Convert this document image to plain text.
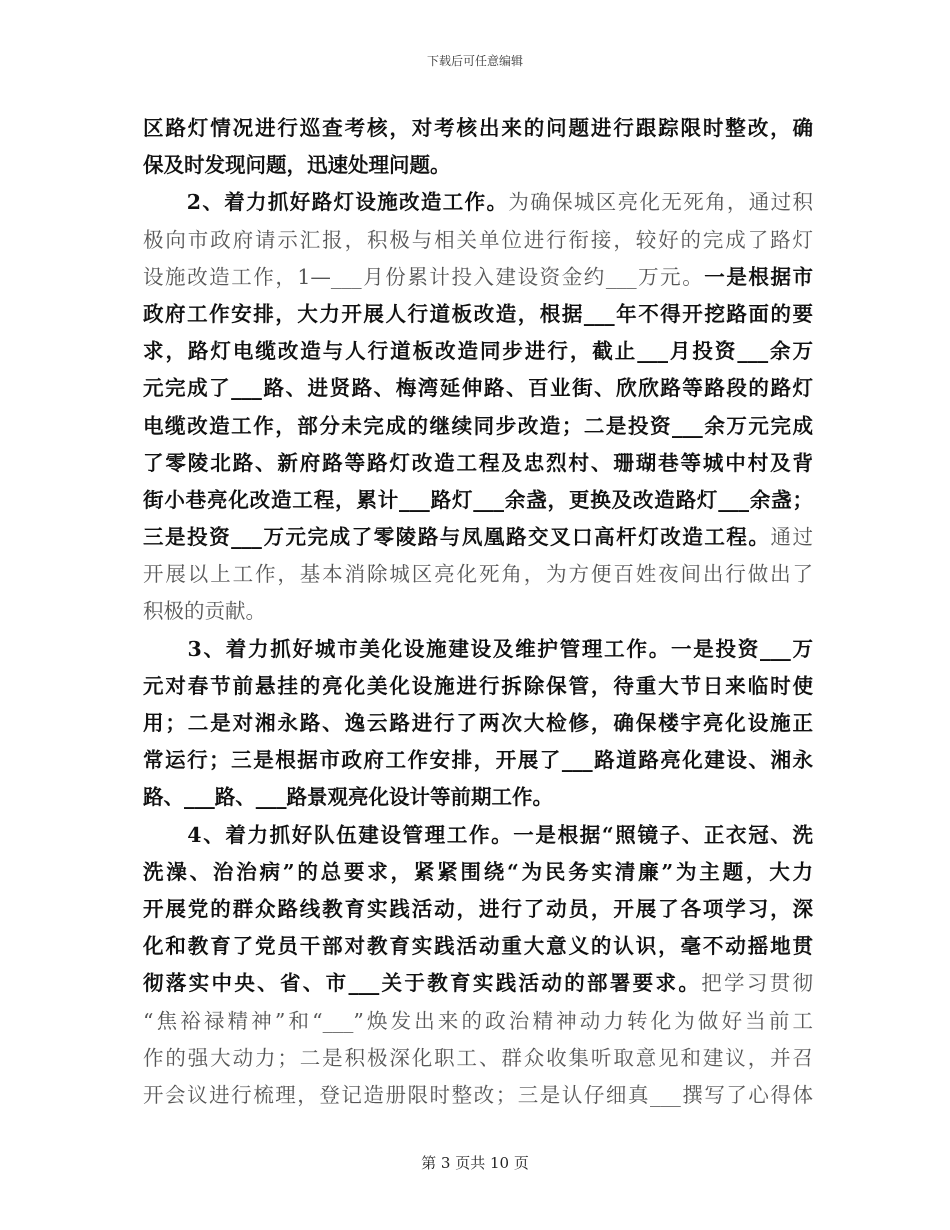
下载后可任意编辑
区路灯情况进行巡查考核，对考核出来的问题进行跟踪限时整改，确
保及时发现问题，迅速处理问题。
　　2、着力抓好路灯设施改造工作。为确保城区亮化无死角，通过积
极向市政府请示汇报，积极与相关单位进行衔接，较好的完成了路灯
设施改造工作，1—___月份累计投入建设资金约___万元。一是根据市
政府工作安排，大力开展人行道板改造，根据___年不得开挖路面的要
求，路灯电缆改造与人行道板改造同步进行，截止___月投资___余万
元完成了___路、进贤路、梅湾延伸路、百业街、欣欣路等路段的路灯
电缆改造工作，部分未完成的继续同步改造；二是投资___余万元完成
了零陵北路、新府路等路灯改造工程及忠烈村、珊瑚巷等城中村及背
街小巷亮化改造工程，累计___路灯___余盏，更换及改造路灯___余盏；
三是投资___万元完成了零陵路与凤凰路交叉口高杆灯改造工程。通过
开展以上工作，基本消除城区亮化死角，为方便百姓夜间出行做出了
积极的贡献。
　　3、着力抓好城市美化设施建设及维护管理工作。一是投资___万
元对春节前悬挂的亮化美化设施进行拆除保管，待重大节日来临时使
用；二是对湘永路、逸云路进行了两次大检修，确保楼宇亮化设施正
常运行；三是根据市政府工作安排，开展了___路道路亮化建设、湘永
路、___路、___路景观亮化设计等前期工作。
　　4、着力抓好队伍建设管理工作。一是根据“照镜子、正衣冠、洗
洗澡、治治病”的总要求，紧紧围绕“为民务实清廉”为主题，大力
开展党的群众路线教育实践活动，进行了动员，开展了各项学习，深
化和教育了党员干部对教育实践活动重大意义的认识，毫不动摇地贯
彻落实中央、省、市___关于教育实践活动的部署要求。把学习贯彻
“焦裕禄精神”和“___”焕发出来的政治精神动力转化为做好当前工
作的强大动力；二是积极深化职工、群众收集听取意见和建议，并召
开会议进行梳理，登记造册限时整改；三是认仔细真___撰写了心得体
第 3 页共 10 页
